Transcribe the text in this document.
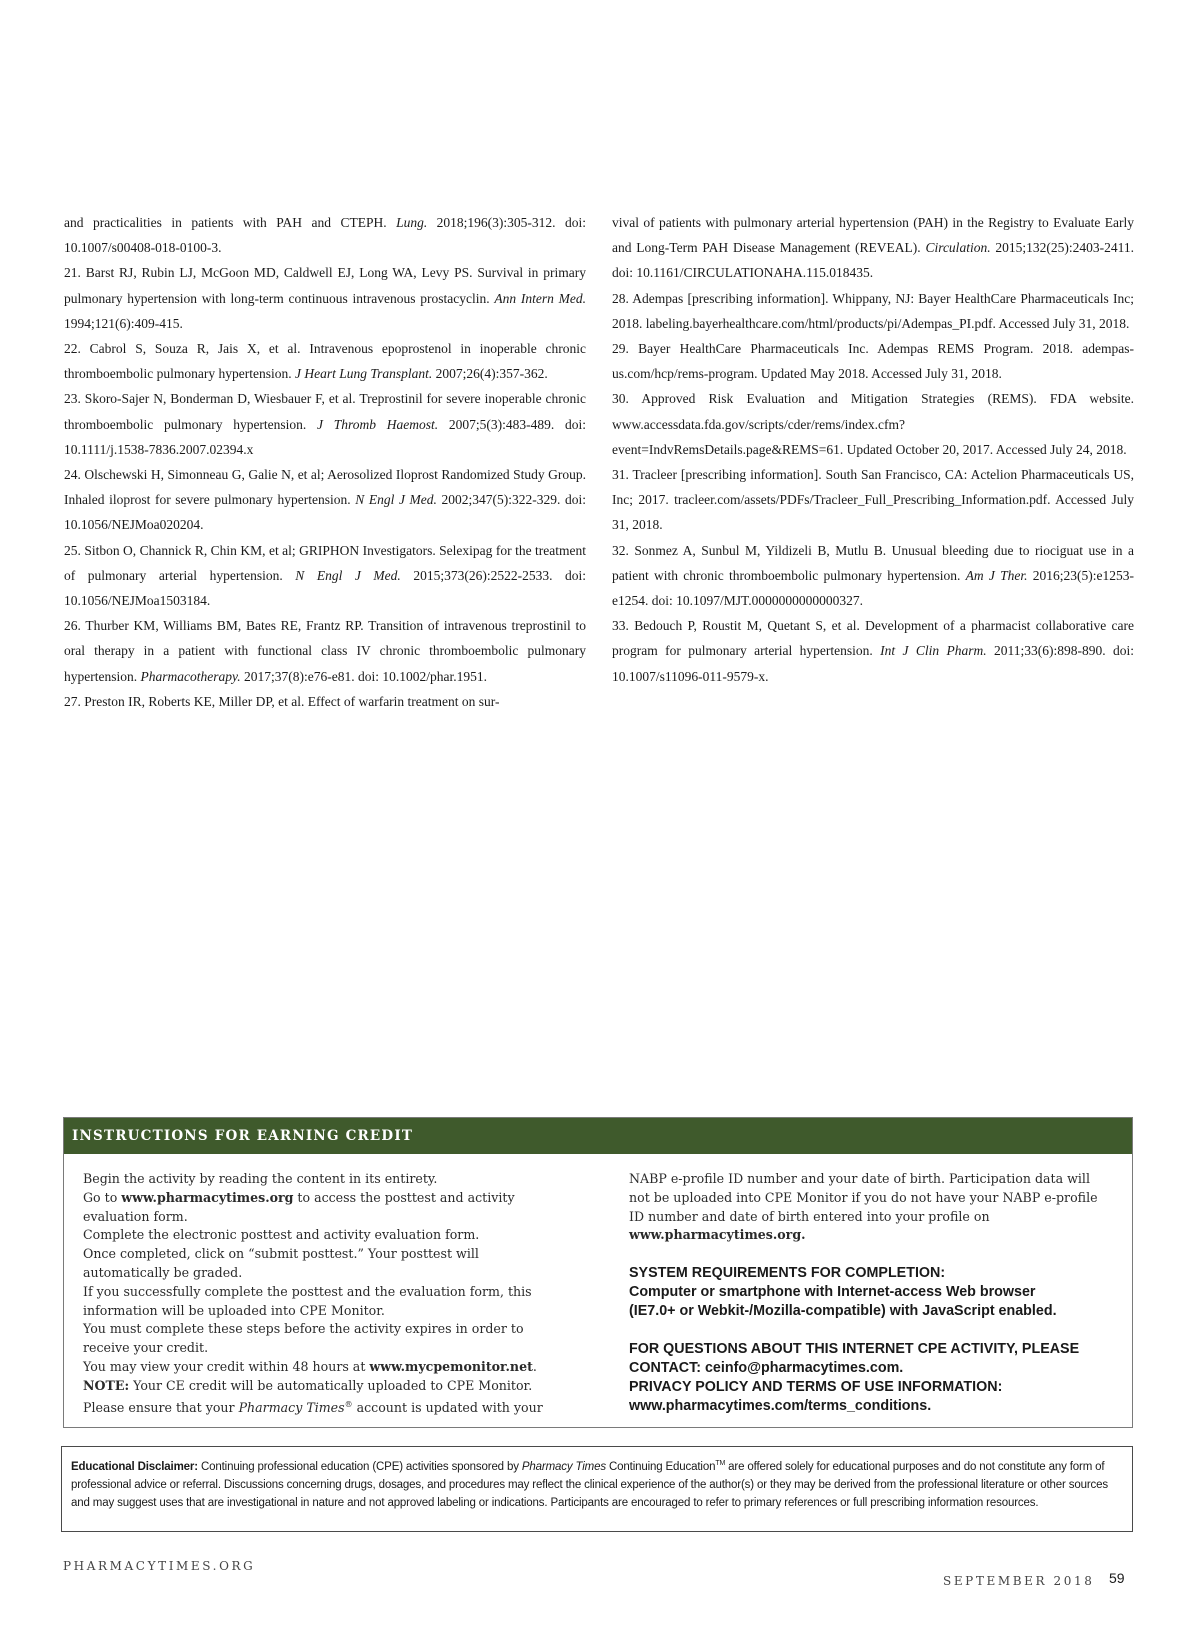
and practicalities in patients with PAH and CTEPH. Lung. 2018;196(3):305-312. doi: 10.1007/s00408-018-0100-3.

21. Barst RJ, Rubin LJ, McGoon MD, Caldwell EJ, Long WA, Levy PS. Survival in primary pulmonary hypertension with long-term continuous intravenous prostacyclin. Ann Intern Med. 1994;121(6):409-415.

22. Cabrol S, Souza R, Jais X, et al. Intravenous epoprostenol in inoperable chronic thromboembolic pulmonary hypertension. J Heart Lung Transplant. 2007;26(4):357-362.

23. Skoro-Sajer N, Bonderman D, Wiesbauer F, et al. Treprostinil for severe inoperable chronic thromboembolic pulmonary hypertension. J Thromb Haemost. 2007;5(3):483-489. doi: 10.1111/j.1538-7836.2007.02394.x

24. Olschewski H, Simonneau G, Galie N, et al; Aerosolized Iloprost Randomized Study Group. Inhaled iloprost for severe pulmonary hypertension. N Engl J Med. 2002;347(5):322-329. doi: 10.1056/NEJMoa020204.

25. Sitbon O, Channick R, Chin KM, et al; GRIPHON Investigators. Selexipag for the treatment of pulmonary arterial hypertension. N Engl J Med. 2015;373(26):2522-2533. doi: 10.1056/NEJMoa1503184.

26. Thurber KM, Williams BM, Bates RE, Frantz RP. Transition of intravenous treprostinil to oral therapy in a patient with functional class IV chronic thromboembolic pulmonary hypertension. Pharmacotherapy. 2017;37(8):e76-e81. doi: 10.1002/phar.1951.

27. Preston IR, Roberts KE, Miller DP, et al. Effect of warfarin treatment on sur-

vival of patients with pulmonary arterial hypertension (PAH) in the Registry to Evaluate Early and Long-Term PAH Disease Management (REVEAL). Circulation. 2015;132(25):2403-2411. doi: 10.1161/CIRCULATIONAHA.115.018435.

28. Adempas [prescribing information]. Whippany, NJ: Bayer HealthCare Pharmaceuticals Inc; 2018. labeling.bayerhealthcare.com/html/products/pi/Adempas_PI.pdf. Accessed July 31, 2018.

29. Bayer HealthCare Pharmaceuticals Inc. Adempas REMS Program. 2018. adempas-us.com/hcp/rems-program. Updated May 2018. Accessed July 31, 2018.

30. Approved Risk Evaluation and Mitigation Strategies (REMS). FDA website. www.accessdata.fda.gov/scripts/cder/rems/index.cfm?event=IndvRemsDetails.page&REMS=61. Updated October 20, 2017. Accessed July 24, 2018.

31. Tracleer [prescribing information]. South San Francisco, CA: Actelion Pharmaceuticals US, Inc; 2017. tracleer.com/assets/PDFs/Tracleer_Full_Prescribing_Information.pdf. Accessed July 31, 2018.

32. Sonmez A, Sunbul M, Yildizeli B, Mutlu B. Unusual bleeding due to riociguat use in a patient with chronic thromboembolic pulmonary hypertension. Am J Ther. 2016;23(5):e1253-e1254. doi: 10.1097/MJT.0000000000000327.

33. Bedouch P, Roustit M, Quetant S, et al. Development of a pharmacist collaborative care program for pulmonary arterial hypertension. Int J Clin Pharm. 2011;33(6):898-890. doi: 10.1007/s11096-011-9579-x.

INSTRUCTIONS FOR EARNING CREDIT

Begin the activity by reading the content in its entirety.

Go to www.pharmacytimes.org to access the posttest and activity evaluation form.

Complete the electronic posttest and activity evaluation form.

Once completed, click on “submit posttest.” Your posttest will automatically be graded.

If you successfully complete the posttest and the evaluation form, this information will be uploaded into CPE Monitor.

You must complete these steps before the activity expires in order to receive your credit.

You may view your credit within 48 hours at www.mycpemonitor.net.

NOTE: Your CE credit will be automatically uploaded to CPE Monitor. Please ensure that your Pharmacy Times® account is updated with your

NABP e-profile ID number and your date of birth. Participation data will not be uploaded into CPE Monitor if you do not have your NABP e-profile ID number and date of birth entered into your profile on
www.pharmacytimes.org.

SYSTEM REQUIREMENTS FOR COMPLETION:

Computer or smartphone with Internet-access Web browser

(IE7.0+ or Webkit-/Mozilla-compatible) with JavaScript enabled.

FOR QUESTIONS ABOUT THIS INTERNET CPE ACTIVITY, PLEASE

CONTACT: ceinfo@pharmacytimes.com.

PRIVACY POLICY AND TERMS OF USE INFORMATION:

www.pharmacytimes.com/terms_conditions.

Educational Disclaimer: Continuing professional education (CPE) activities sponsored by Pharmacy Times Continuing Education™ are offered solely for educational purposes and do not constitute any form of professional advice or referral. Discussions concerning drugs, dosages, and procedures may reflect the clinical experience of the author(s) or they may be derived from the professional literature or other sources and may suggest uses that are investigational in nature and not approved labeling or indications. Participants are encouraged to refer to primary references or full prescribing information resources.
PHARMACYTIMES.ORG
SEPTEMBER 2018 59
